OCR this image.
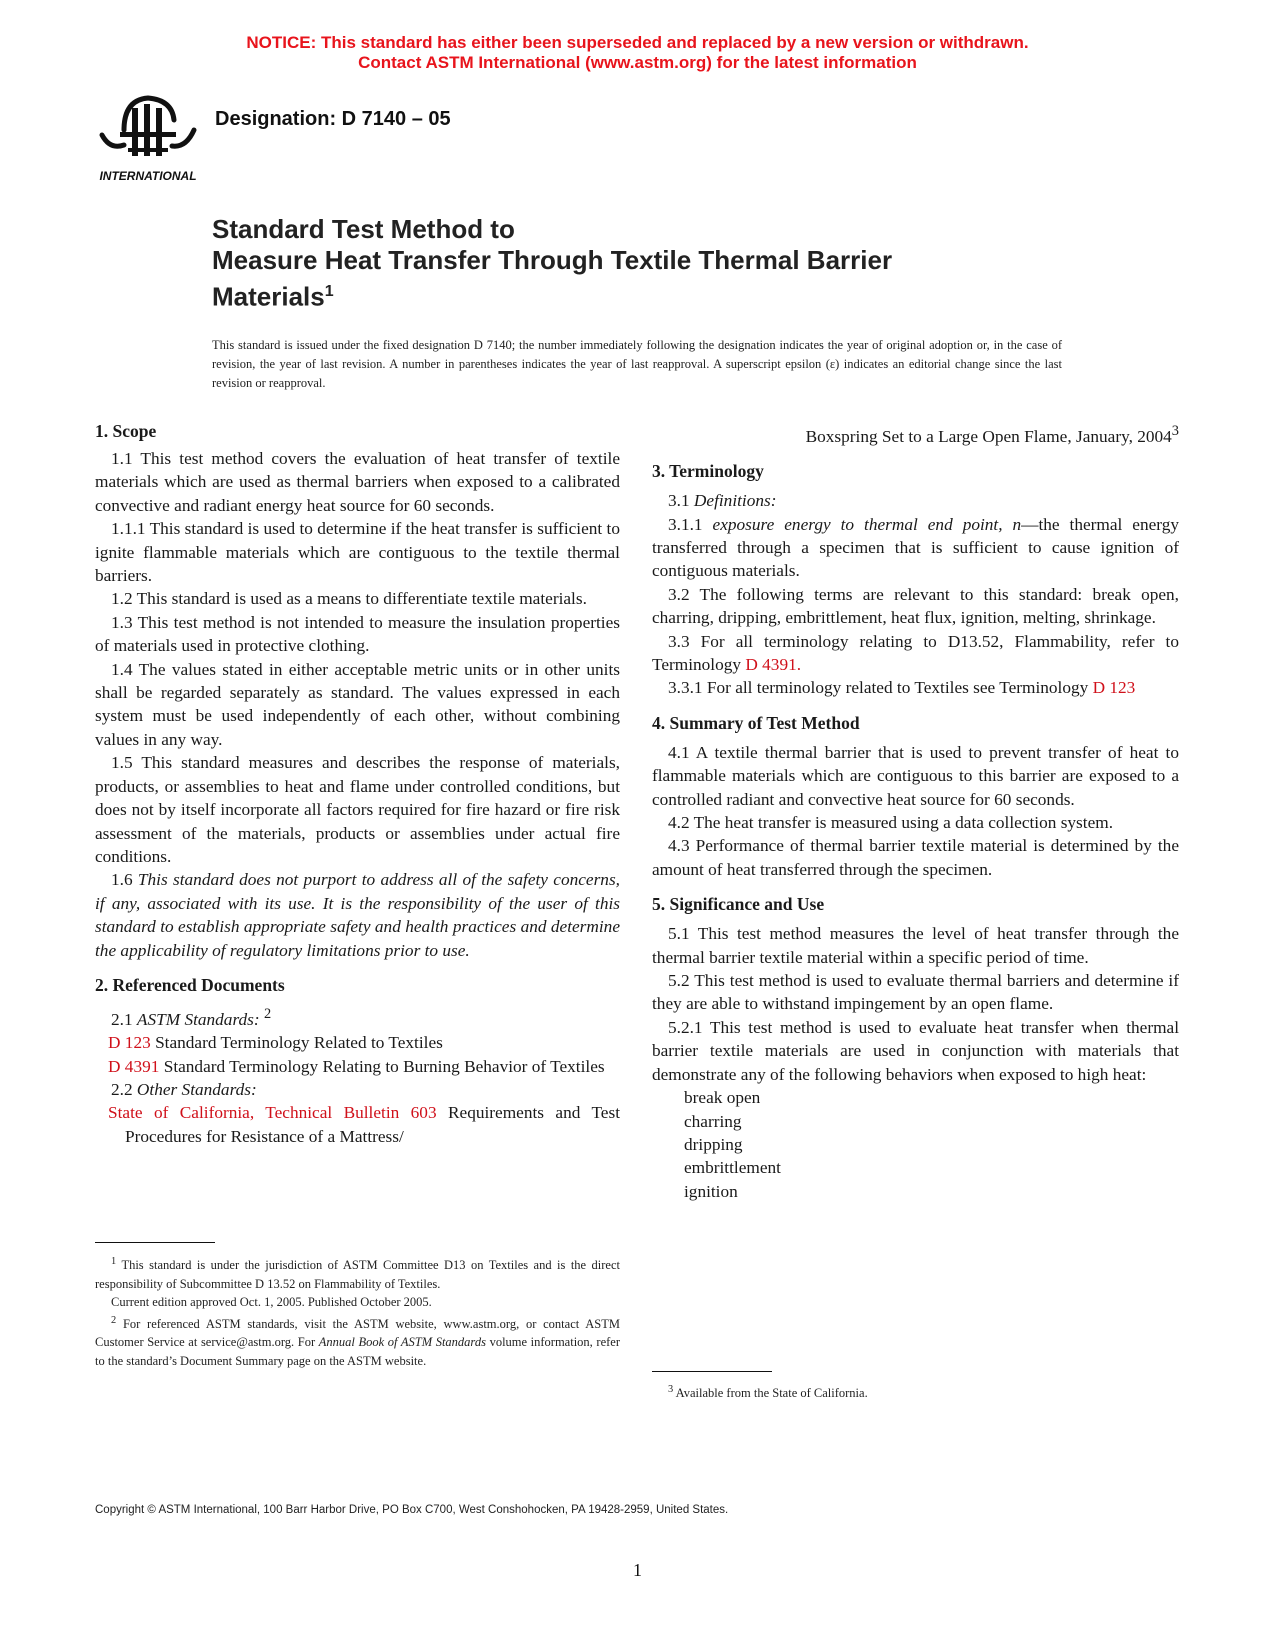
NOTICE: This standard has either been superseded and replaced by a new version or withdrawn.
Contact ASTM International (www.astm.org) for the latest information
INTERNATIONAL
Designation: D 7140 – 05
Standard Test Method to
Measure Heat Transfer Through Textile Thermal Barrier
Materials$^1$
This standard is issued under the fixed designation D 7140; the number immediately following the designation indicates the year of original adoption or, in the case of revision, the year of last revision. A number in parentheses indicates the year of last reapproval. A superscript epsilon (ε) indicates an editorial change since the last revision or reapproval.
1. Scope

1.1 This test method covers the evaluation of heat transfer of textile materials which are used as thermal barriers when exposed to a calibrated convective and radiant energy heat source for 60 seconds.

1.1.1 This standard is used to determine if the heat transfer is sufficient to ignite flammable materials which are contiguous to the textile thermal barriers.

1.2 This standard is used as a means to differentiate textile materials.

1.3 This test method is not intended to measure the insulation properties of materials used in protective clothing.

1.4 The values stated in either acceptable metric units or in other units shall be regarded separately as standard. The values expressed in each system must be used independently of each other, without combining values in any way.

1.5 This standard measures and describes the response of materials, products, or assemblies to heat and flame under controlled conditions, but does not by itself incorporate all factors required for fire hazard or fire risk assessment of the materials, products or assemblies under actual fire conditions.

1.6 This standard does not purport to address all of the safety concerns, if any, associated with its use. It is the responsibility of the user of this standard to establish appropriate safety and health practices and determine the applicability of regulatory limitations prior to use.

2. Referenced Documents

2.1 ASTM Standards: $^2$

D 123 Standard Terminology Related to Textiles

D 4391 Standard Terminology Relating to Burning Behavior of Textiles

2.2 Other Standards:

State of California, Technical Bulletin 603 Requirements and Test Procedures for Resistance of a Mattress/

Boxspring Set to a Large Open Flame, January, 2004$^3$

3. Terminology

3.1 Definitions:

3.1.1 exposure energy to thermal end point, n—the thermal energy transferred through a specimen that is sufficient to cause ignition of contiguous materials.

3.2 The following terms are relevant to this standard: break open, charring, dripping, embrittlement, heat flux, ignition, melting, shrinkage.

3.3 For all terminology relating to D13.52, Flammability, refer to Terminology D 4391.

3.3.1 For all terminology related to Textiles see Terminology D 123

4. Summary of Test Method

4.1 A textile thermal barrier that is used to prevent transfer of heat to flammable materials which are contiguous to this barrier are exposed to a controlled radiant and convective heat source for 60 seconds.

4.2 The heat transfer is measured using a data collection system.

4.3 Performance of thermal barrier textile material is determined by the amount of heat transferred through the specimen.

5. Significance and Use

5.1 This test method measures the level of heat transfer through the thermal barrier textile material within a specific period of time.

5.2 This test method is used to evaluate thermal barriers and determine if they are able to withstand impingement by an open flame.

5.2.1 This test method is used to evaluate heat transfer when thermal barrier textile materials are used in conjunction with materials that demonstrate any of the following behaviors when exposed to high heat:

break open

charring

dripping

embrittlement

ignition

$^1$ This standard is under the jurisdiction of ASTM Committee D13 on Textiles and is the direct responsibility of Subcommittee D 13.52 on Flammability of Textiles.

Current edition approved Oct. 1, 2005. Published October 2005.

$^2$ For referenced ASTM standards, visit the ASTM website, www.astm.org, or contact ASTM Customer Service at service@astm.org. For Annual Book of ASTM Standards volume information, refer to the standard’s Document Summary page on the ASTM website.

$^3$ Available from the State of California.

Copyright © ASTM International, 100 Barr Harbor Drive, PO Box C700, West Conshohocken, PA 19428-2959, United States.
1
